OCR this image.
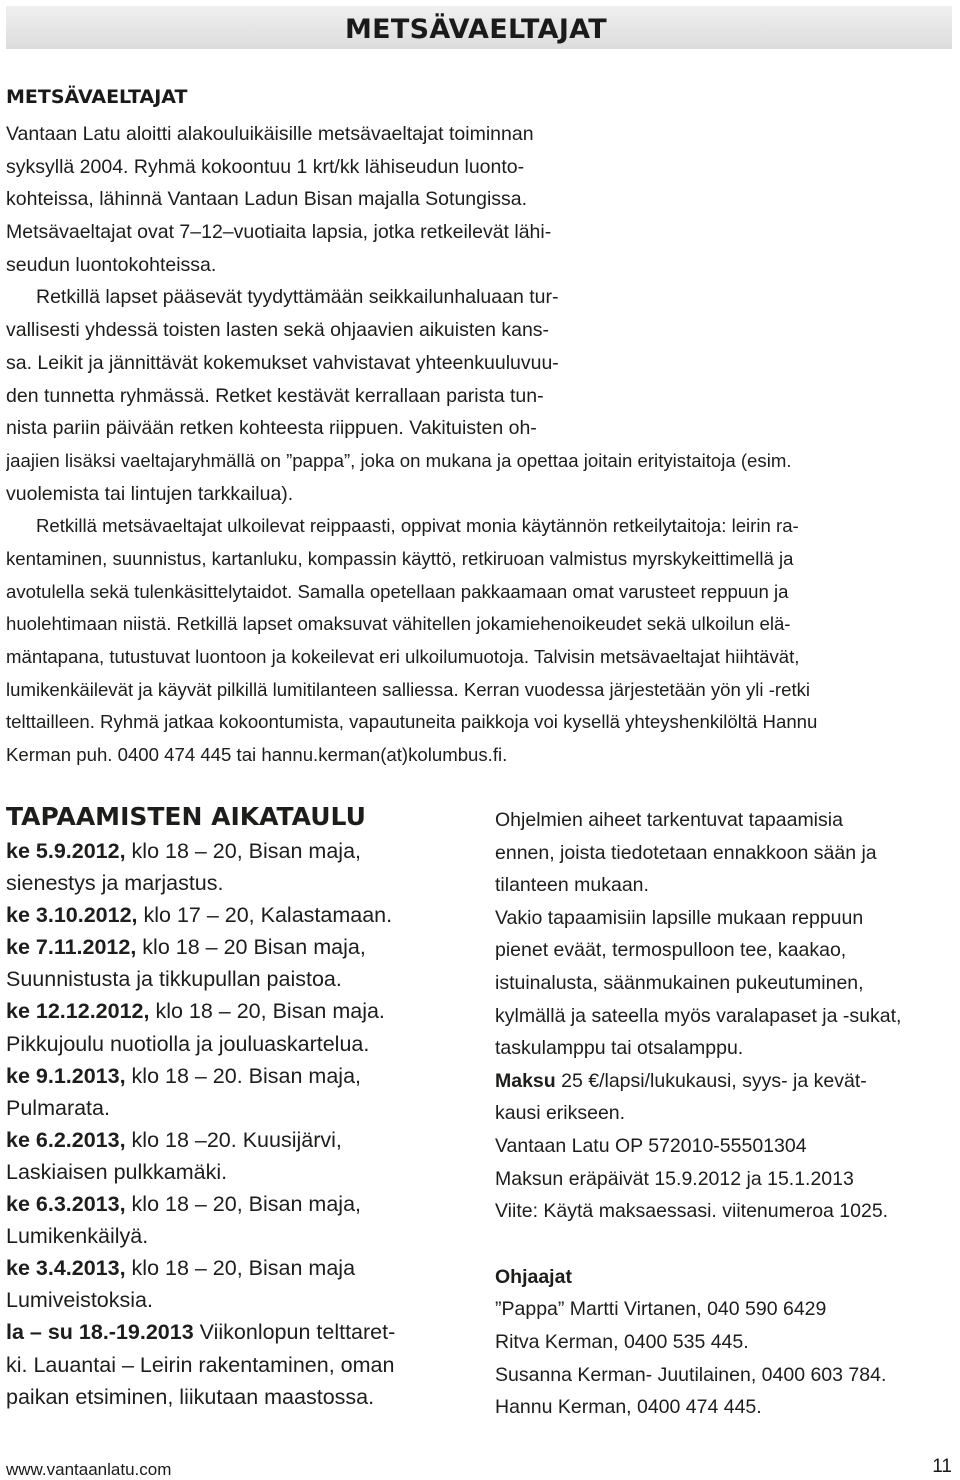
METSÄVAELTAJAT
METSÄVAELTAJAT
Vantaan Latu aloitti alakouluikäisille metsävaeltajat toiminnan
syksyllä 2004. Ryhmä kokoontuu 1 krt/kk lähiseudun luonto-
kohteissa, lähinnä Vantaan Ladun Bisan majalla Sotungissa.
Metsävaeltajat ovat 7–12–vuotiaita lapsia, jotka retkeilevät lähi-
seudun luontokohteissa.
Retkillä lapset pääsevät tyydyttämään seikkailunhaluaan tur-
vallisesti yhdessä toisten lasten sekä ohjaavien aikuisten kans-
sa. Leikit ja jännittävät kokemukset vahvistavat yhteenkuuluvuu-
den tunnetta ryhmässä. Retket kestävät kerrallaan parista tun-
nista pariin päivään retken kohteesta riippuen. Vakituisten oh-
jaajien lisäksi vaeltajaryhmällä on ”pappa”, joka on mukana ja opettaa joitain erityistaitoja (esim.
vuolemista tai lintujen tarkkailua).
Retkillä metsävaeltajat ulkoilevat reippaasti, oppivat monia käytännön retkeilytaitoja: leirin ra-
kentaminen, suunnistus, kartanluku, kompassin käyttö, retkiruoan valmistus myrskykeittimellä ja
avotulella sekä tulenkäsittelytaidot. Samalla opetellaan pakkaamaan omat varusteet reppuun ja
huolehtimaan niistä. Retkillä lapset omaksuvat vähitellen jokamiehenoikeudet sekä ulkoilun elä-
mäntapana, tutustuvat luontoon ja kokeilevat eri ulkoilumuotoja. Talvisin metsävaeltajat hiihtävät,
lumikenkäilevät ja käyvät pilkillä lumitilanteen salliessa. Kerran vuodessa järjestetään yön yli -retki
telttailleen. Ryhmä jatkaa kokoontumista, vapautuneita paikkoja voi kysellä yhteyshenkilöltä Hannu
Kerman puh. 0400 474 445 tai hannu.kerman(at)kolumbus.fi.
TAPAAMISTEN AIKATAULU
ke 5.9.2012, klo 18 – 20, Bisan maja,
sienestys ja marjastus.
ke 3.10.2012, klo 17 – 20, Kalastamaan.
ke 7.11.2012, klo 18 – 20 Bisan maja,
Suunnistusta ja tikkupullan paistoa.
ke 12.12.2012, klo 18 – 20, Bisan maja.
Pikkujoulu nuotiolla ja jouluaskartelua.
ke 9.1.2013, klo 18 – 20. Bisan maja,
Pulmarata.
ke 6.2.2013, klo 18 –20. Kuusijärvi,
Laskiaisen pulkkamäki.
ke 6.3.2013, klo 18 – 20, Bisan maja,
Lumikenkäilyä.
ke 3.4.2013, klo 18 – 20, Bisan maja
Lumiveistoksia.
la – su 18.-19.2013 Viikonlopun telttaret-
ki. Lauantai – Leirin rakentaminen, oman
paikan etsiminen, liikutaan maastossa.
Ohjelmien aiheet tarkentuvat tapaamisia
ennen, joista tiedotetaan ennakkoon sään ja
tilanteen mukaan.
Vakio tapaamisiin lapsille mukaan reppuun
pienet eväät, termospulloon tee, kaakao,
istuinalusta, säänmukainen pukeutuminen,
kylmällä ja sateella myös varalapaset ja -sukat,
taskulamppu tai otsalamppu.
Maksu 25 €/lapsi/lukukausi, syys- ja kevät-
kausi erikseen.
Vantaan Latu OP 572010-55501304
Maksun eräpäivät 15.9.2012 ja 15.1.2013
Viite: Käytä maksaessasi. viitenumeroa 1025.
Ohjaajat
”Pappa” Martti Virtanen, 040 590 6429
Ritva Kerman, 0400 535 445.
Susanna Kerman- Juutilainen, 0400 603 784.
Hannu Kerman, 0400 474 445.
www.vantaanlatu.com	11
